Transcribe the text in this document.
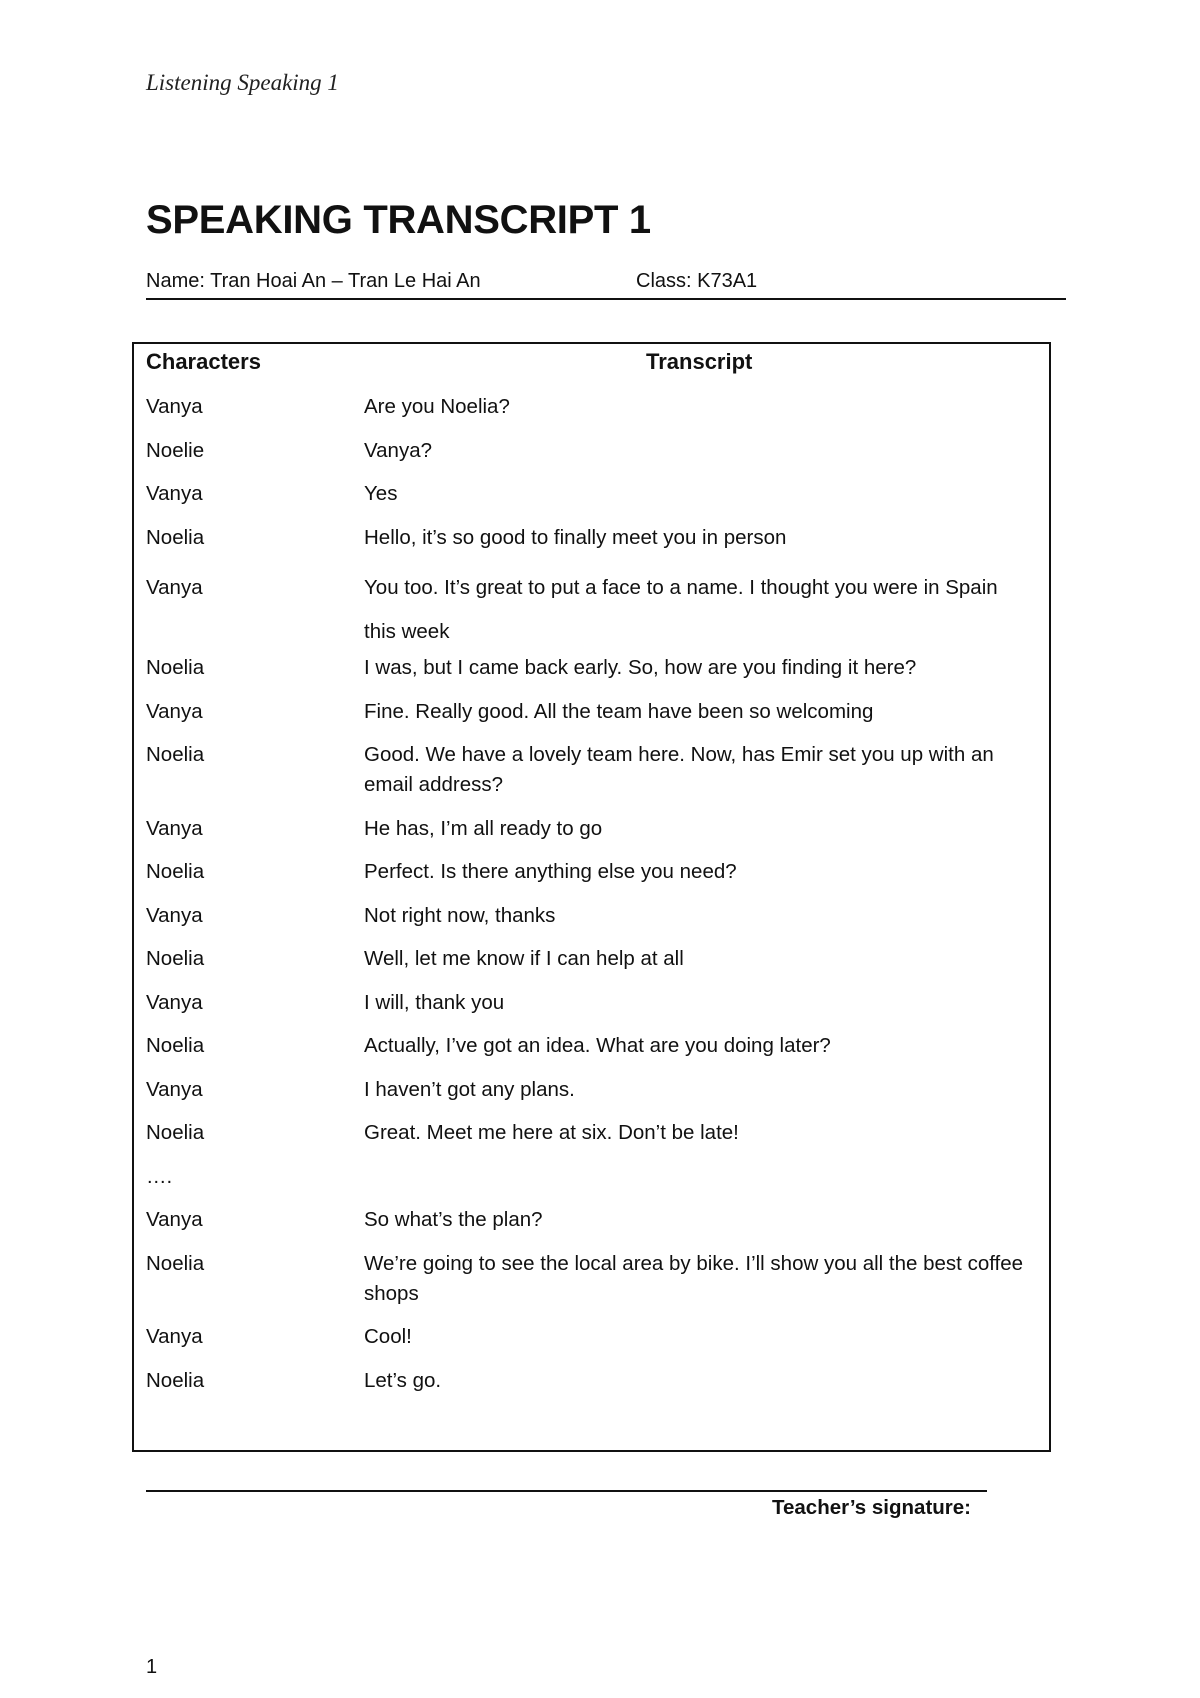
Listening Speaking 1
SPEAKING TRANSCRIPT 1
Name: Tran Hoai An – Tran Le Hai An	Class: K73A1
Characters	Transcript
Vanya	Are you Noelia?
Noelie	Vanya?
Vanya	Yes
Noelia	Hello, it’s so good to finally meet you in person
Vanya	You too. It’s great to put a face to a name. I thought you were in Spain this week
Noelia	I was, but I came back early. So, how are you finding it here?
Vanya	Fine. Really good. All the team have been so welcoming
Noelia	Good. We have a lovely team here. Now, has Emir set you up with an email address?
Vanya	He has, I’m all ready to go
Noelia	Perfect. Is there anything else you need?
Vanya	Not right now, thanks
Noelia	Well, let me know if I can help at all
Vanya	I will, thank you
Noelia	Actually, I’ve got an idea. What are you doing later?
Vanya	I haven’t got any plans.
Noelia	Great. Meet me here at six. Don’t be late!
….
Vanya	So what’s the plan?
Noelia	We’re going to see the local area by bike. I’ll show you all the best coffee shops
Vanya	Cool!
Noelia	Let’s go.
Teacher’s signature:
1
